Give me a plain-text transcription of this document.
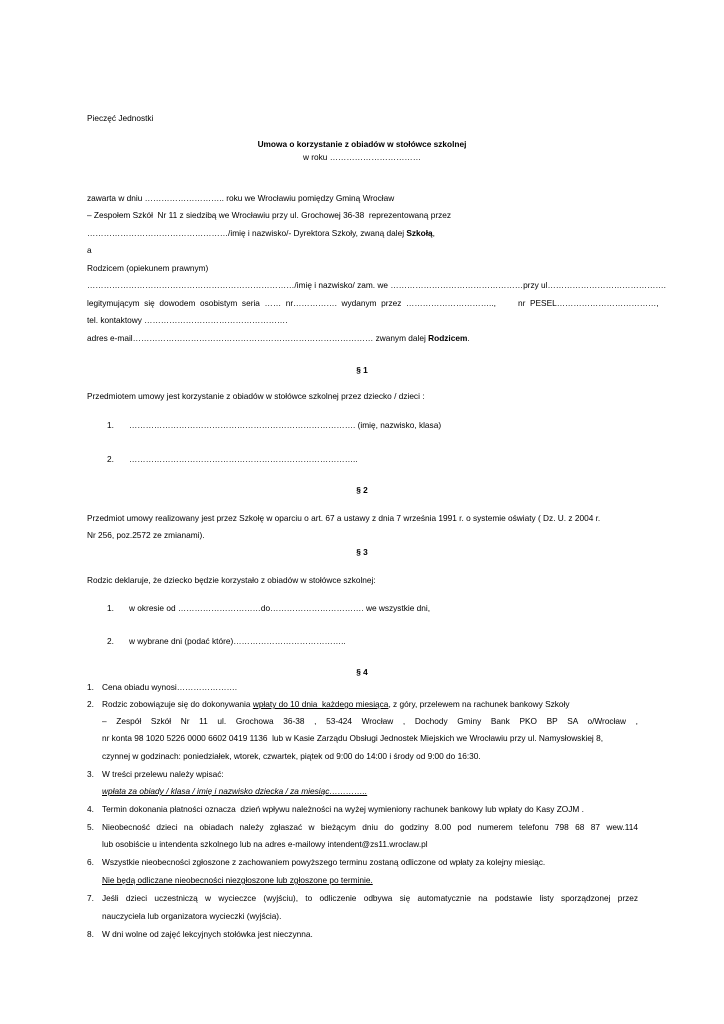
Pieczęć Jednostki
Umowa o korzystanie z obiadów w stołówce szkolnej
w roku ……………………………
zawarta w dniu ……………………….. roku we Wrocławiu pomiędzy Gminą Wrocław
– Zespołem Szkół  Nr 11 z siedzibą we Wrocławiu przy ul. Grochowej 36-38  reprezentowaną przez
……………………………………………/imię i nazwisko/- Dyrektora Szkoły, zwaną dalej Szkołą,
a
Rodzicem (opiekunem prawnym)
…………………………………………………………………/imię i nazwisko/ zam. we …………………………………………przy ul…………………………………….
legitymującym  się  dowodem  osobistym  seria  ……  nr…………….  wydanym  przez  …………………………..,	nr  PESEL………………………………,
tel. kontaktowy …………………………………………….
adres e-mail…………………………………………………………………………… zwanym dalej Rodzicem.
§ 1
Przedmiotem umowy jest korzystanie z obiadów w stołówce szkolnej przez dziecko / dzieci :
1. ………………………………………………………………………. (imię, nazwisko, klasa)
2. ………………………………………………………………………..
§ 2
Przedmiot umowy realizowany jest przez Szkołę w oparciu o art. 67 a ustawy z dnia 7 września 1991 r. o systemie oświaty ( Dz. U. z 2004 r.
Nr 256, poz.2572 ze zmianami).
§ 3
Rodzic deklaruje, że dziecko będzie korzystało z obiadów w stołówce szkolnej:
1. w okresie od …………………………do……………………………. we wszystkie dni,
2. w wybrane dni (podać które)…………………………………..
§ 4
1. Cena obiadu wynosi………………….
2. Rodzic zobowiązuje się do dokonywania wpłaty do 10 dnia  każdego miesiąca, z góry, przelewem na rachunek bankowy Szkoły
– Zespół Szkół Nr 11 ul. Grochowa 36-38 , 53-424 Wrocław , Dochody Gminy Bank PKO BP SA o/Wrocław ,
nr konta 98 1020 5226 0000 6602 0419 1136  lub w Kasie Zarządu Obsługi Jednostek Miejskich we Wrocławiu przy ul. Namysłowskiej 8,
czynnej w godzinach: poniedziałek, wtorek, czwartek, piątek od 9:00 do 14:00 i środy od 9:00 do 16:30.
3. W treści przelewu należy wpisać:
wpłata za obiady / klasa / imię i nazwisko dziecka / za miesiąc…………..
4. Termin dokonania płatności oznacza  dzień wpływu należności na wyżej wymieniony rachunek bankowy lub wpłaty do Kasy ZOJM .
5. Nieobecność dzieci na obiadach należy zgłaszać w bieżącym dniu do godziny 8.00 pod numerem telefonu 798 68 87 wew.114
lub osobiście u intendenta szkolnego lub na adres e-mailowy intendent@zs11.wroclaw.pl
6. Wszystkie nieobecności zgłoszone z zachowaniem powyższego terminu zostaną odliczone od wpłaty za kolejny miesiąc.
Nie będą odliczane nieobecności niezgłoszone lub zgłoszone po terminie.
7. Jeśli dzieci uczestniczą w wycieczce (wyjściu), to odliczenie odbywa się automatycznie na podstawie listy sporządzonej przez
nauczyciela lub organizatora wycieczki (wyjścia).
8. W dni wolne od zajęć lekcyjnych stołówka jest nieczynna.
